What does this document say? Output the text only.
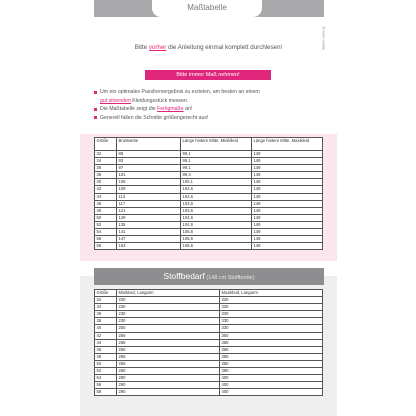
Maßtabelle
ki-nder-wolke
Bitte vorher die Anleitung einmal komplett durchlesen!
Bitte immer Maß nehmen!
Um ein optimales Passformergebnis zu erzielen, am besten an einem
gut sitzenden Kleidungsstück messen.
Die Maßtabelle zeigt die Fertigmaße an!
Generell fallen die Schnitte größengerecht aus!
Größe	Brustweite	Länge hintere Mitte, Miniklleid	Länge hintere Mitte, Maxikleid
32	89	99,1	149
34	93	99,1	149
36	97	99,1	149
38	101	99,3	149
40	105	100,1	149
42	109	102,6	149
44	113	102,6	149
46	117	103,6	149
48	121	103,6	149
50	129	104,6	149
52	135	104,6	149
54	141	105,6	149
56	147	105,6	149
58	153	106,6	149
Stoffbedarf (148 cm Stoffbreite)
Größe	Minikleid, Langarm	Maxikleid, Langarm
32	230	330
34	230	330
36	230	330
38	230	330
40	250	330
42	265	350
44	265	365
46	265	365
48	265	365
50	265	380
52	280	380
54	280	400
56	290	400
58	290	400
